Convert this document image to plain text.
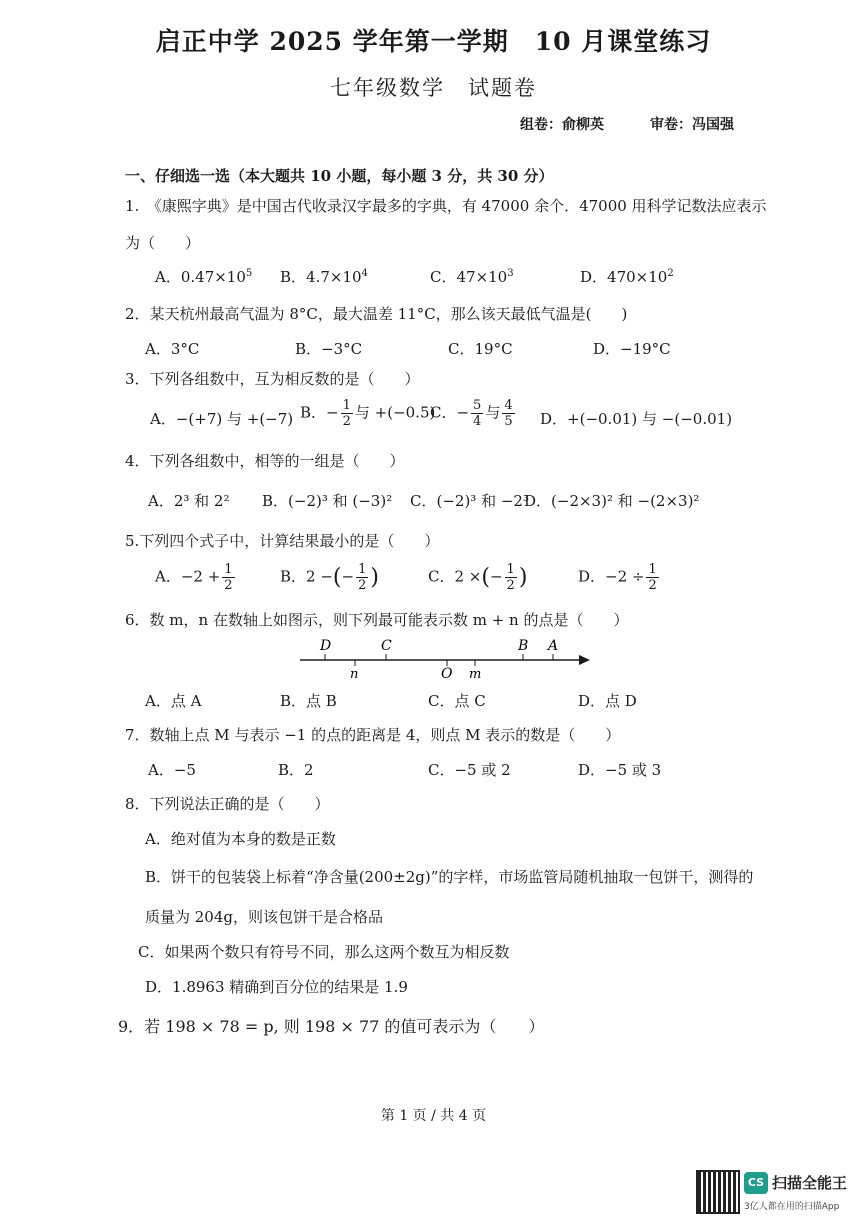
启正中学 2025 学年第一学期　10 月课堂练习
七年级数学　试题卷
组卷：俞柳英	审卷：冯国强
一、仔细选一选（本大题共 10 小题，每小题 3 分，共 30 分）
1.　《康熙字典》是中国古代收录汉字最多的字典，有 47000 余个．47000 用科学记数法应表示
为（　　）
A．$0.47\times 10^5$ B．$4.7\times 10^4$	C．$47\times 10^3$	D．$470\times 10^2$
2．某天杭州最高气温为 8°C，最大温差 11°C，那么该天最低气温是(　　)
A．3°C	B．−3°C	C．19°C	D．−19°C
3．下列各组数中，互为相反数的是（　　）
A．−(+7) 与 +(−7) B．− $\frac{1}{2}$ 与 +(−0.5)
C．− $\frac{5}{4}$ 与 $\frac{4}{5}$ D．+(−0.01) 与 −(−0.01)
4．下列各组数中，相等的一组是（　　）
A．2³ 和 2² B．(−2)³ 和 (−3)² C．(−2)³ 和 −2³
D．(−2×3)² 和 −(2×3)²
5.下列四个式子中，计算结果最小的是（　　）
A．$-2 + \frac{1}{2}$	B．2 −(− $\frac{1}{2}$ )	C．2 ×(− $\frac{1}{2}$ )	D．$-2 \div \frac{1}{2}$
6．数 m，n 在数轴上如图示，则下列最可能表示数 m + n 的点是（　　）
D	C	B A
n	O m
A．点 A	B．点 B	C．点 C	D．点 D
7．数轴上点 M 与表示 −1 的点的距离是 4，则点 M 表示的数是（　　）
A．−5	B．2	C．−5 或 2	D．−5 或 3
8．下列说法正确的是（　　）
A．绝对值为本身的数是正数
B．饼干的包装袋上标着“净含量(200±2g)”的字样，市场监管局随机抽取一包饼干，测得的
质量为 204g，则该包饼干是合格品
C．如果两个数只有符号不同，那么这两个数互为相反数
D．1.8963 精确到百分位的结果是 1.9
9．若 198 × 78 = p, 则 198 × 77 的值可表示为（　　）
第 1 页 / 共 4 页
CS 扫描全能王
3亿人都在用的扫描App
